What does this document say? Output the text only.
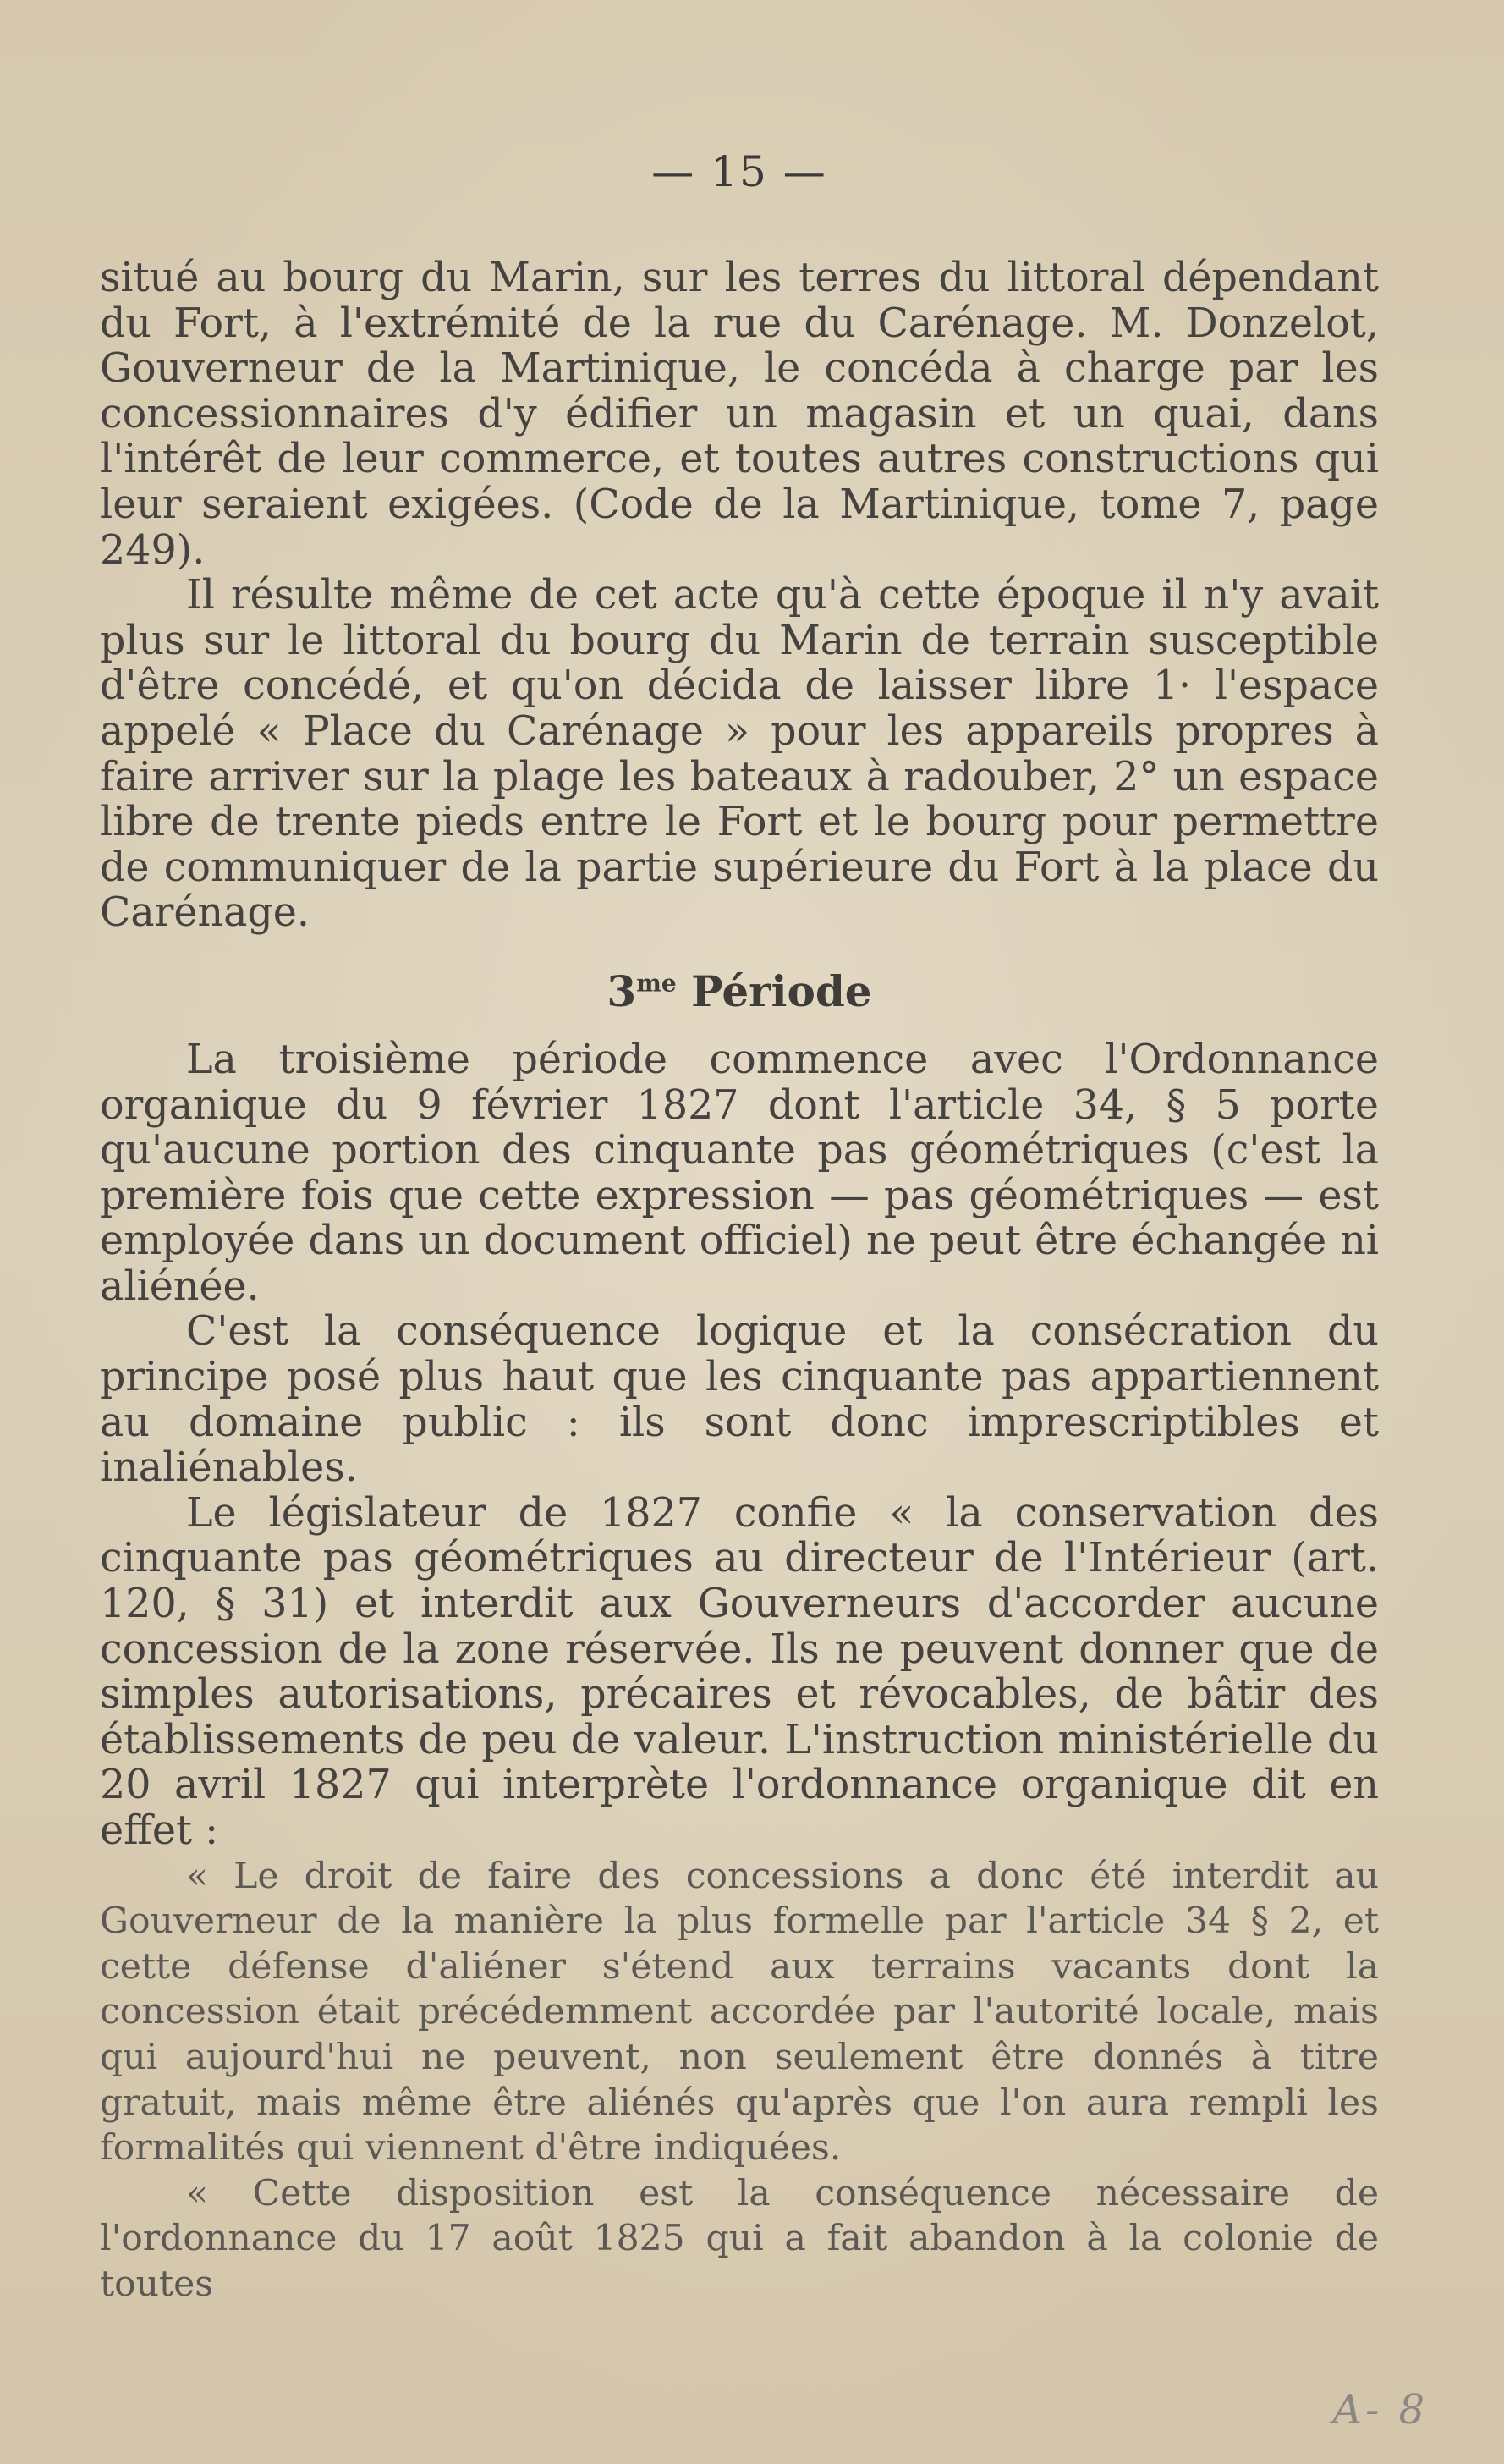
— 15 —

situé au bourg du Marin, sur les terres du littoral dépendant du Fort, à l'extrémité de la rue du Carénage. M. Donzelot, Gouverneur de la Martinique, le concéda à charge par les concessionnaires d'y édifier un magasin et un quai, dans l'intérêt de leur commerce, et toutes autres constructions qui leur seraient exigées. (Code de la Martinique, tome 7, page 249).

Il résulte même de cet acte qu'à cette époque il n'y avait plus sur le littoral du bourg du Marin de terrain susceptible d'être concédé, et qu'on décida de laisser libre 1· l'espace appelé « Place du Carénage » pour les appareils propres à faire arriver sur la plage les bateaux à radouber, 2° un espace libre de trente pieds entre le Fort et le bourg pour permettre de communiquer de la partie supérieure du Fort à la place du Carénage.

$3^{me}$ Période

La troisième période commence avec l'Ordonnance organique du 9 février 1827 dont l'article 34, § 5 porte qu'aucune portion des cinquante pas géométriques (c'est la première fois que cette expression — pas géométriques — est employée dans un document officiel) ne peut être échangée ni aliénée.

C'est la conséquence logique et la consécration du principe posé plus haut que les cinquante pas appartiennent au domaine public : ils sont donc imprescriptibles et inaliénables.

Le législateur de 1827 confie « la conservation des cinquante pas géométriques au directeur de l'Intérieur (art. 120, § 31) et interdit aux Gouverneurs d'accorder aucune concession de la zone réservée. Ils ne peuvent donner que de simples autorisations, précaires et révocables, de bâtir des établissements de peu de valeur. L'instruction ministérielle du 20 avril 1827 qui interprète l'ordonnance organique dit en effet :

« Le droit de faire des concessions a donc été interdit au Gouverneur de la manière la plus formelle par l'article 34 § 2, et cette défense d'aliéner s'étend aux terrains vacants dont la concession était précédemment accordée par l'autorité locale, mais qui aujourd'hui ne peuvent, non seulement être donnés à titre gratuit, mais même être aliénés qu'après que l'on aura rempli les formalités qui viennent d'être indiquées.

« Cette disposition est la conséquence nécessaire de l'ordonnance du 17 août 1825 qui a fait abandon à la colonie de toutes

A- 8
